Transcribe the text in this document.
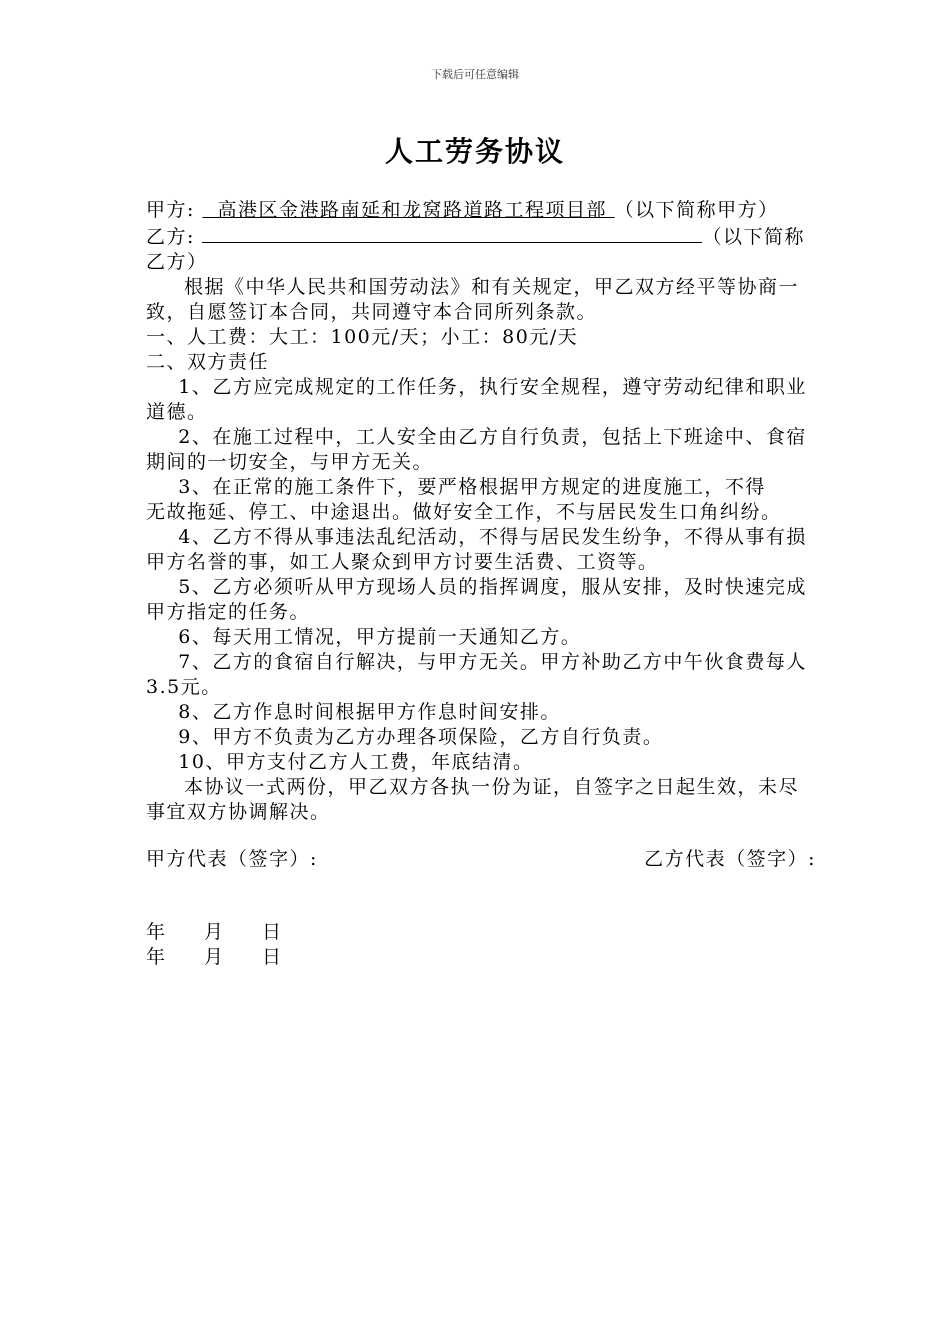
下载后可任意编辑
人工劳务协议

甲方: 高港区金港路南延和龙窝路道路工程项目部 （以下简称甲方）

乙方:	（以下简称乙方）

根据《中华人民共和国劳动法》和有关规定，甲乙双方经平等协商一致，自愿签订本合同，共同遵守本合同所列条款。

一、人工费：大工：100元/天；小工：80元/天

二、双方责任

1、乙方应完成规定的工作任务，执行安全规程，遵守劳动纪律和职业道德。

2、在施工过程中，工人安全由乙方自行负责，包括上下班途中、食宿期间的一切安全，与甲方无关。

3、在正常的施工条件下，要严格根据甲方规定的进度施工，不得

无故拖延、停工、中途退出。做好安全工作，不与居民发生口角纠纷。

4、乙方不得从事违法乱纪活动，不得与居民发生纷争，不得从事有损甲方名誉的事，如工人聚众到甲方讨要生活费、工资等。

5、乙方必须听从甲方现场人员的指挥调度，服从安排，及时快速完成甲方指定的任务。

6、每天用工情况，甲方提前一天通知乙方。

7、乙方的食宿自行解决，与甲方无关。甲方补助乙方中午伙食费每人3.5元。

8、乙方作息时间根据甲方作息时间安排。

9、甲方不负责为乙方办理各项保险，乙方自行负责。

10、甲方支付乙方人工费，年底结清。

本协议一式两份，甲乙双方各执一份为证，自签字之日起生效，未尽事宜双方协调解决。

甲方代表（签字）:	乙方代表（签字）:
年 月 日
年 月 日
